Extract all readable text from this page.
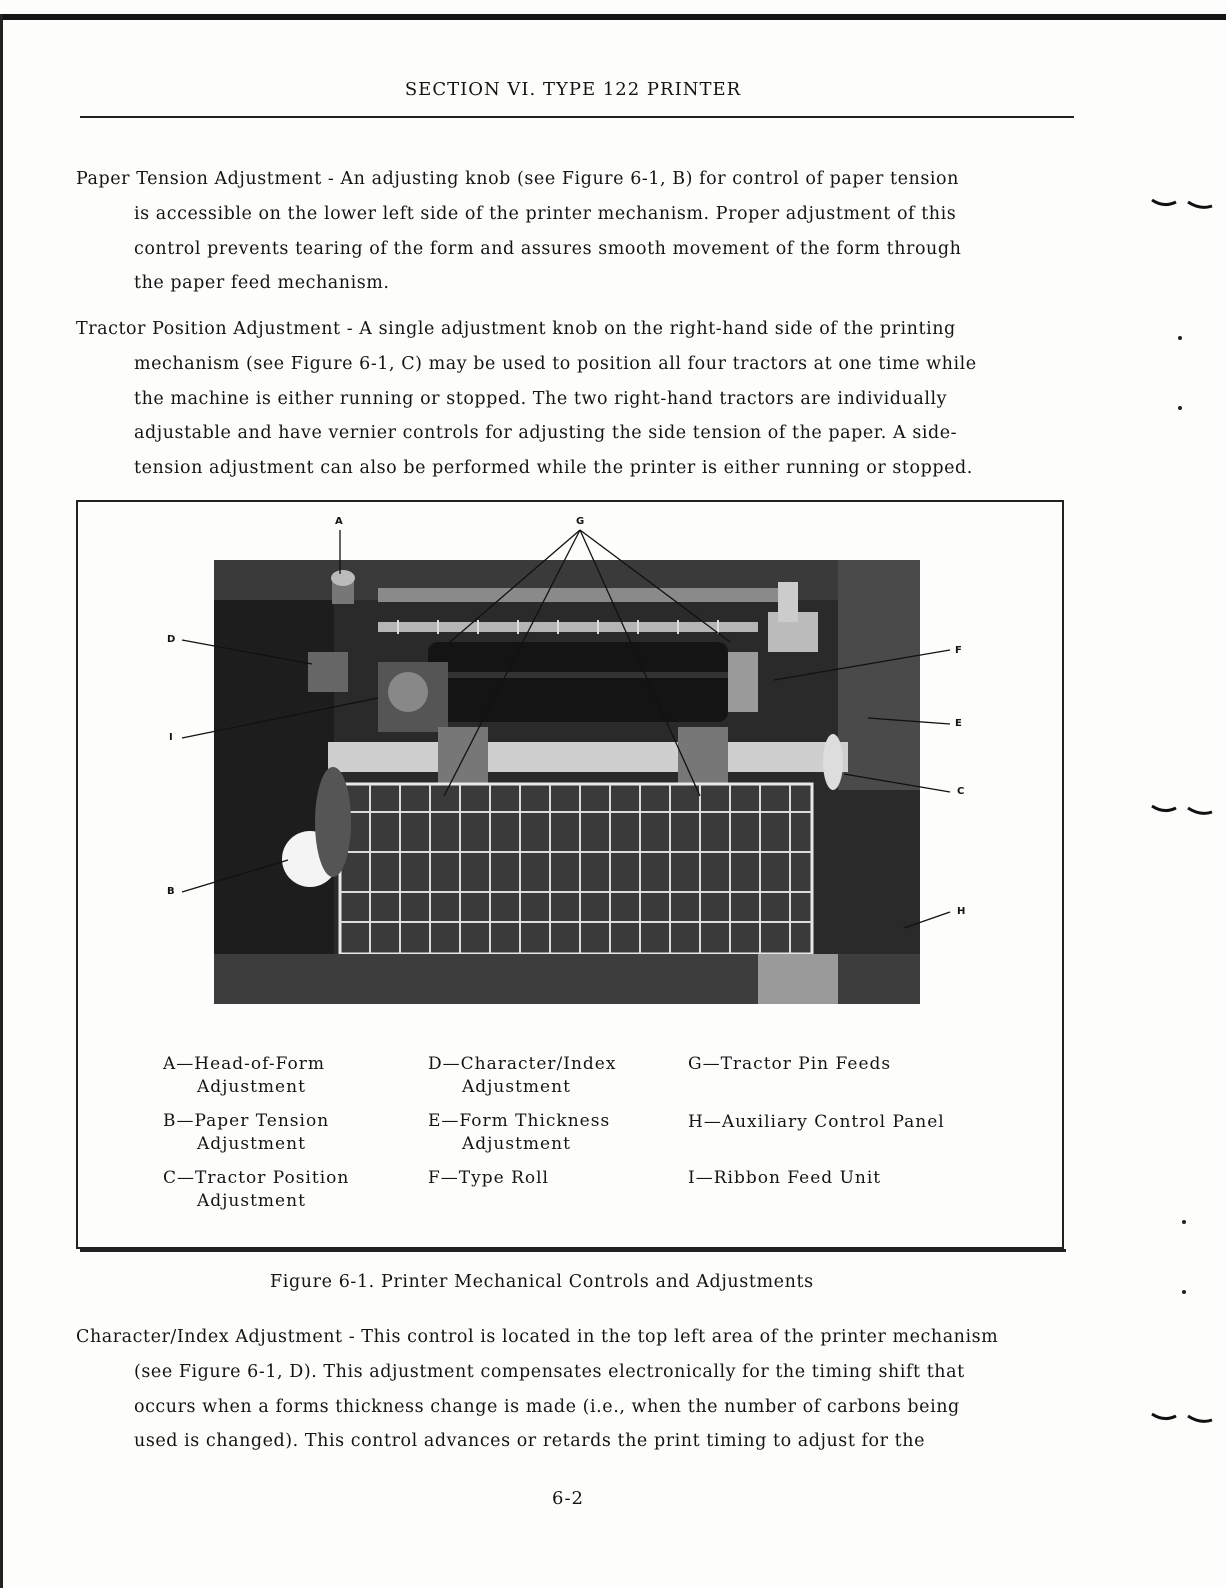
SECTION VI. TYPE 122 PRINTER
Paper Tension Adjustment - An adjusting knob (see Figure 6-1, B) for control of paper tension
is accessible on the lower left side of the printer mechanism. Proper adjustment of this
control prevents tearing of the form and assures smooth movement of the form through
the paper feed mechanism.
Tractor Position Adjustment - A single adjustment knob on the right-hand side of the printing
mechanism (see Figure 6-1, C) may be used to position all four tractors at one time while
the machine is either running or stopped. The two right-hand tractors are individually
adjustable and have vernier controls for adjusting the side tension of the paper. A side-
tension adjustment can also be performed while the printer is either running or stopped.
A	G
D
F
E
I
C
B
H
A—Head-of-Form
Adjustment
B—Paper Tension
Adjustment
C—Tractor Position
Adjustment
D—Character/Index
Adjustment
E—Form Thickness
Adjustment
F—Type Roll
G—Tractor Pin Feeds
H—Auxiliary Control Panel
I—Ribbon Feed Unit
Figure 6-1. Printer Mechanical Controls and Adjustments
Character/Index Adjustment - This control is located in the top left area of the printer mechanism
(see Figure 6-1, D). This adjustment compensates electronically for the timing shift that
occurs when a forms thickness change is made (i.e., when the number of carbons being
used is changed). This control advances or retards the print timing to adjust for the
6-2
